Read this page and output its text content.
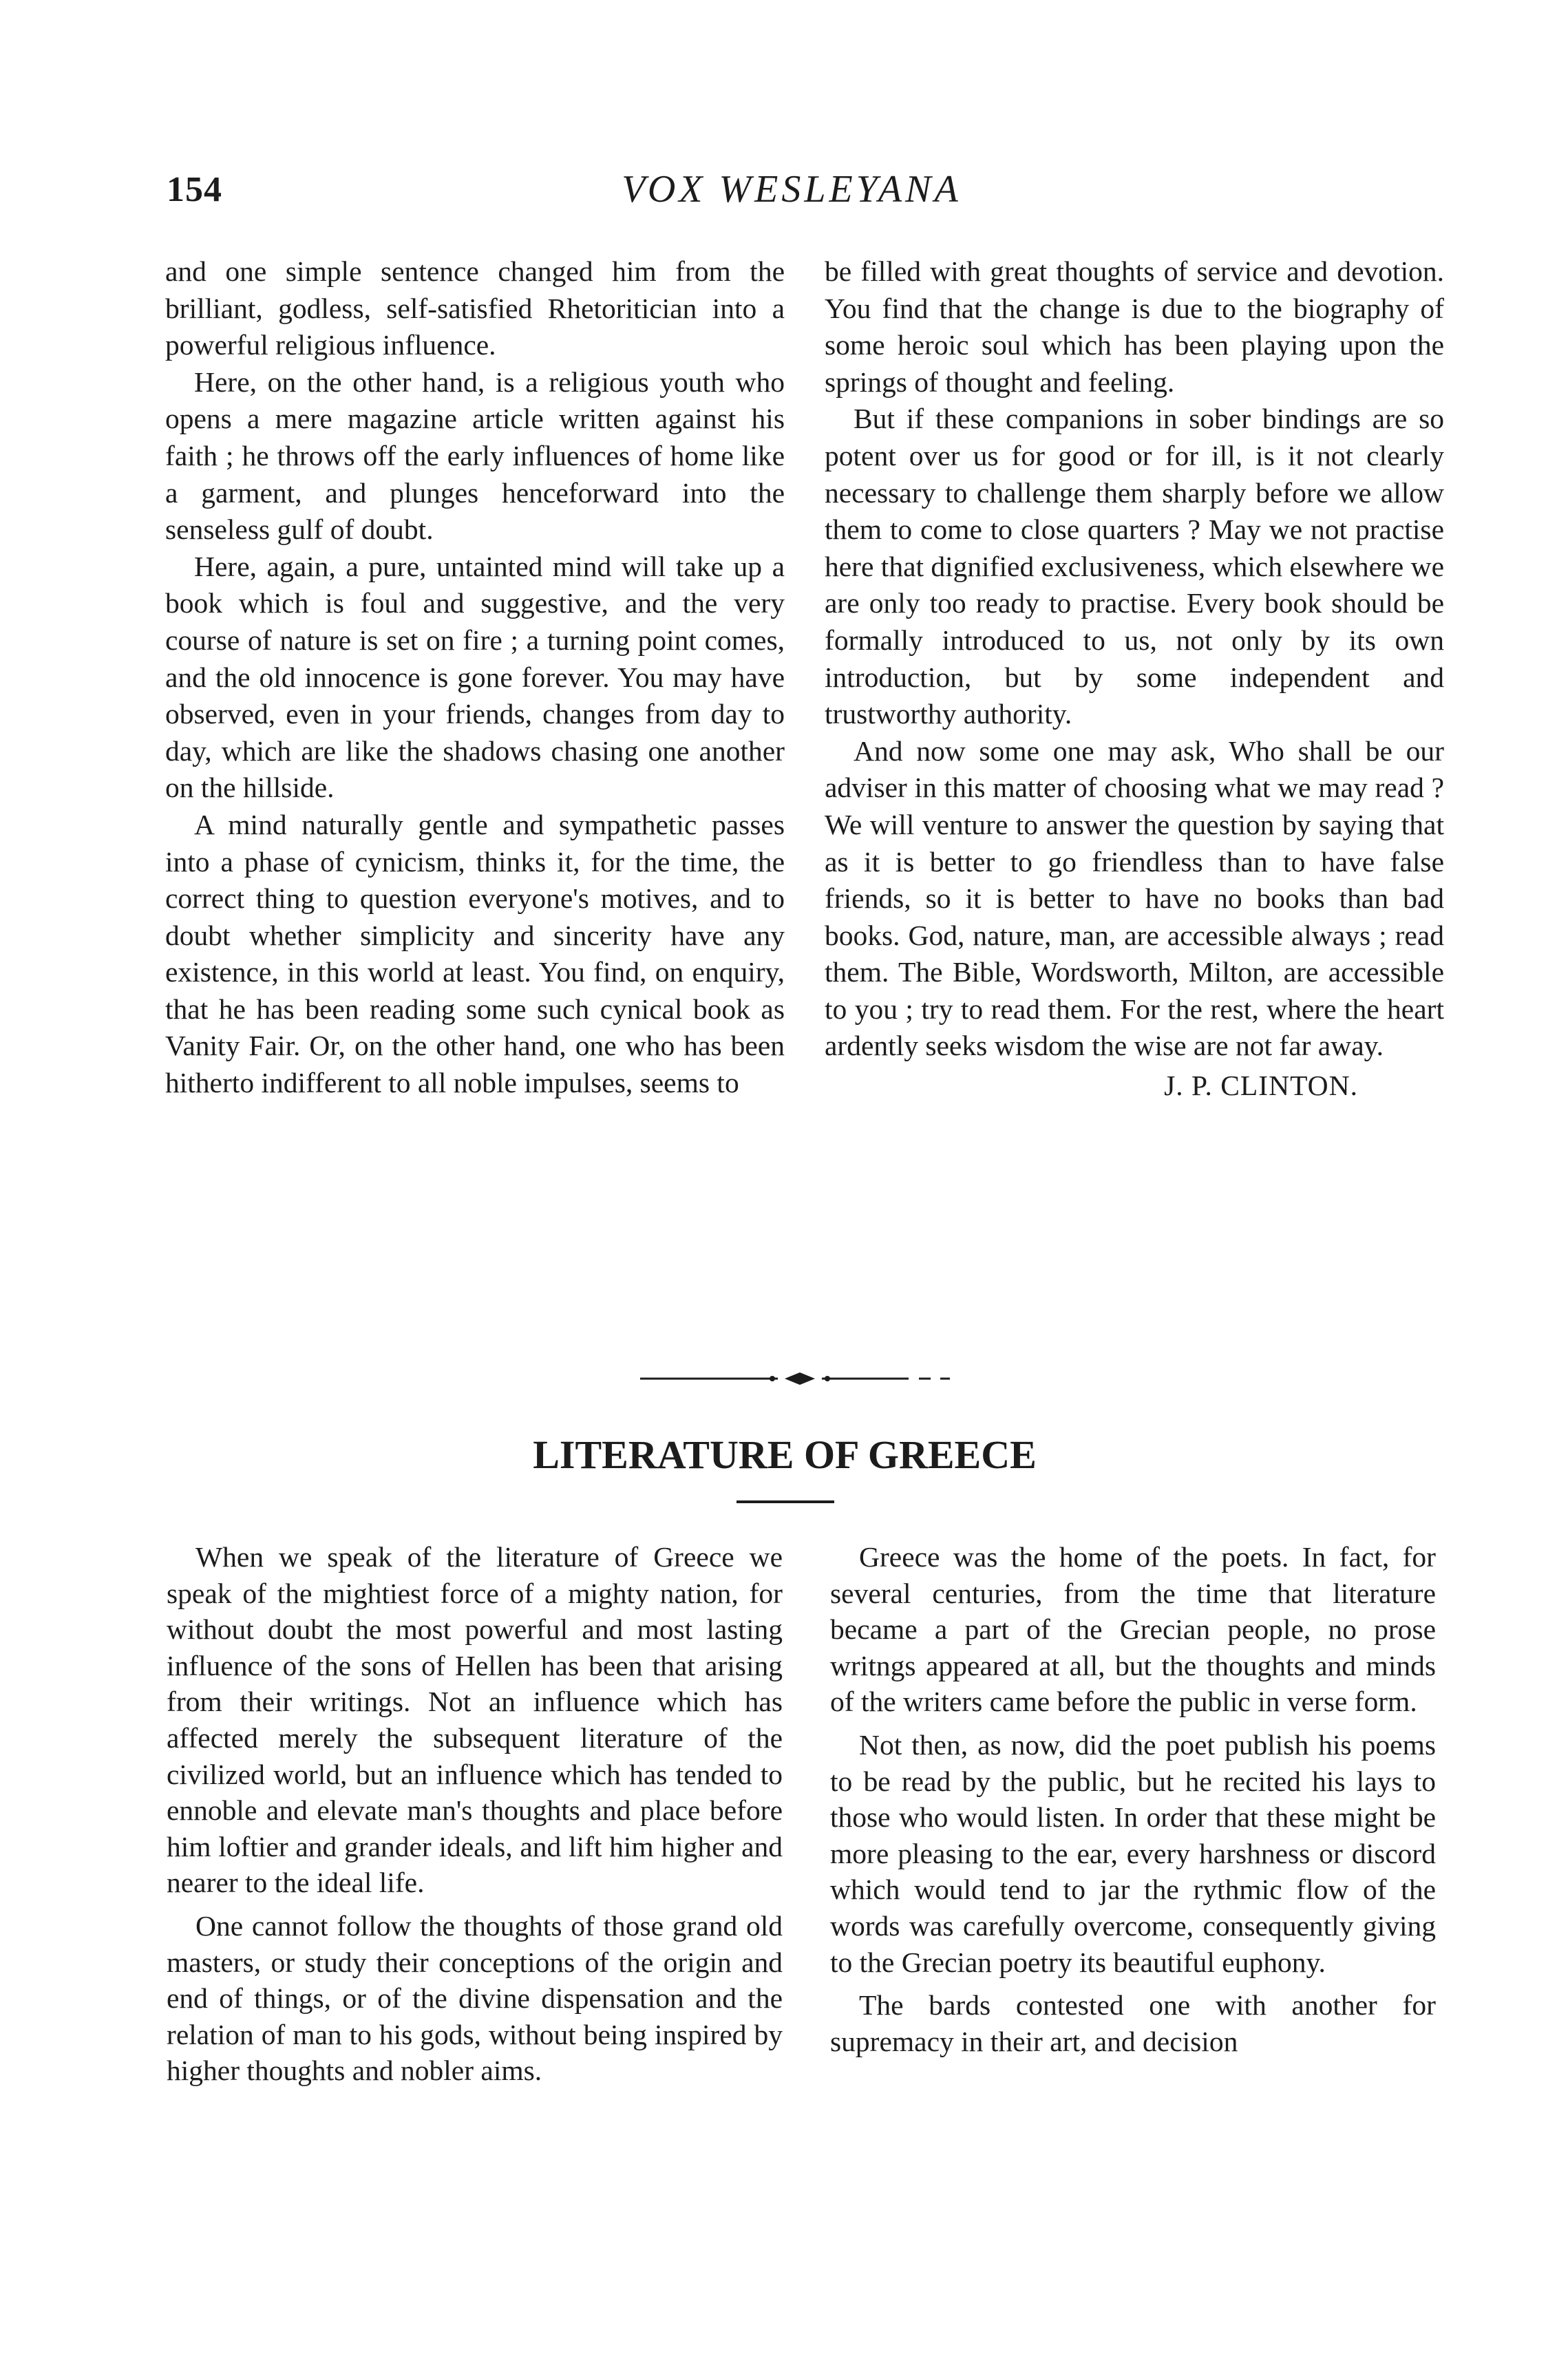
154	VOX WESLEYANA

and one simple sentence changed him from the brilliant, godless, self-satisfied Rhetoritician into a powerful religious influence.

Here, on the other hand, is a religious youth who opens a mere magazine article written against his faith ; he throws off the early influences of home like a garment, and plunges henceforward into the senseless gulf of doubt.

Here, again, a pure, untainted mind will take up a book which is foul and suggestive, and the very course of nature is set on fire ; a turning point comes, and the old innocence is gone forever. You may have observed, even in your friends, changes from day to day, which are like the shadows chasing one another on the hillside.

A mind naturally gentle and sympathetic passes into a phase of cynicism, thinks it, for the time, the correct thing to question everyone's motives, and to doubt whether simplicity and sincerity have any existence, in this world at least. You find, on enquiry, that he has been reading some such cynical book as Vanity Fair. Or, on the other hand, one who has been hitherto indifferent to all noble impulses, seems to

be filled with great thoughts of service and devotion. You find that the change is due to the biography of some heroic soul which has been playing upon the springs of thought and feeling.

But if these companions in sober bindings are so potent over us for good or for ill, is it not clearly necessary to challenge them sharply before we allow them to come to close quarters ? May we not practise here that dignified exclusiveness, which elsewhere we are only too ready to practise. Every book should be formally introduced to us, not only by its own introduction, but by some independent and trustworthy authority.

And now some one may ask, Who shall be our adviser in this matter of choosing what we may read ? We will venture to answer the question by saying that as it is better to go friendless than to have false friends, so it is better to have no books than bad books. God, nature, man, are accessible always ; read them. The Bible, Wordsworth, Milton, are accessible to you ; try to read them. For the rest, where the heart ardently seeks wisdom the wise are not far away.

J. P. CLINTON.

LITERATURE OF GREECE

When we speak of the literature of Greece we speak of the mightiest force of a mighty nation, for without doubt the most powerful and most lasting influence of the sons of Hellen has been that arising from their writings. Not an influence which has affected merely the subsequent literature of the civilized world, but an influence which has tended to ennoble and elevate man's thoughts and place before him loftier and grander ideals, and lift him higher and nearer to the ideal life.

One cannot follow the thoughts of those grand old masters, or study their conceptions of the origin and end of things, or of the divine dispensation and the relation of man to his gods, without being inspired by higher thoughts and nobler aims.

Greece was the home of the poets. In fact, for several centuries, from the time that literature became a part of the Grecian people, no prose writngs appeared at all, but the thoughts and minds of the writers came before the public in verse form.

Not then, as now, did the poet publish his poems to be read by the public, but he recited his lays to those who would listen. In order that these might be more pleasing to the ear, every harshness or discord which would tend to jar the rythmic flow of the words was carefully overcome, consequently giving to the Grecian poetry its beautiful euphony.

The bards contested one with another for supremacy in their art, and decision
